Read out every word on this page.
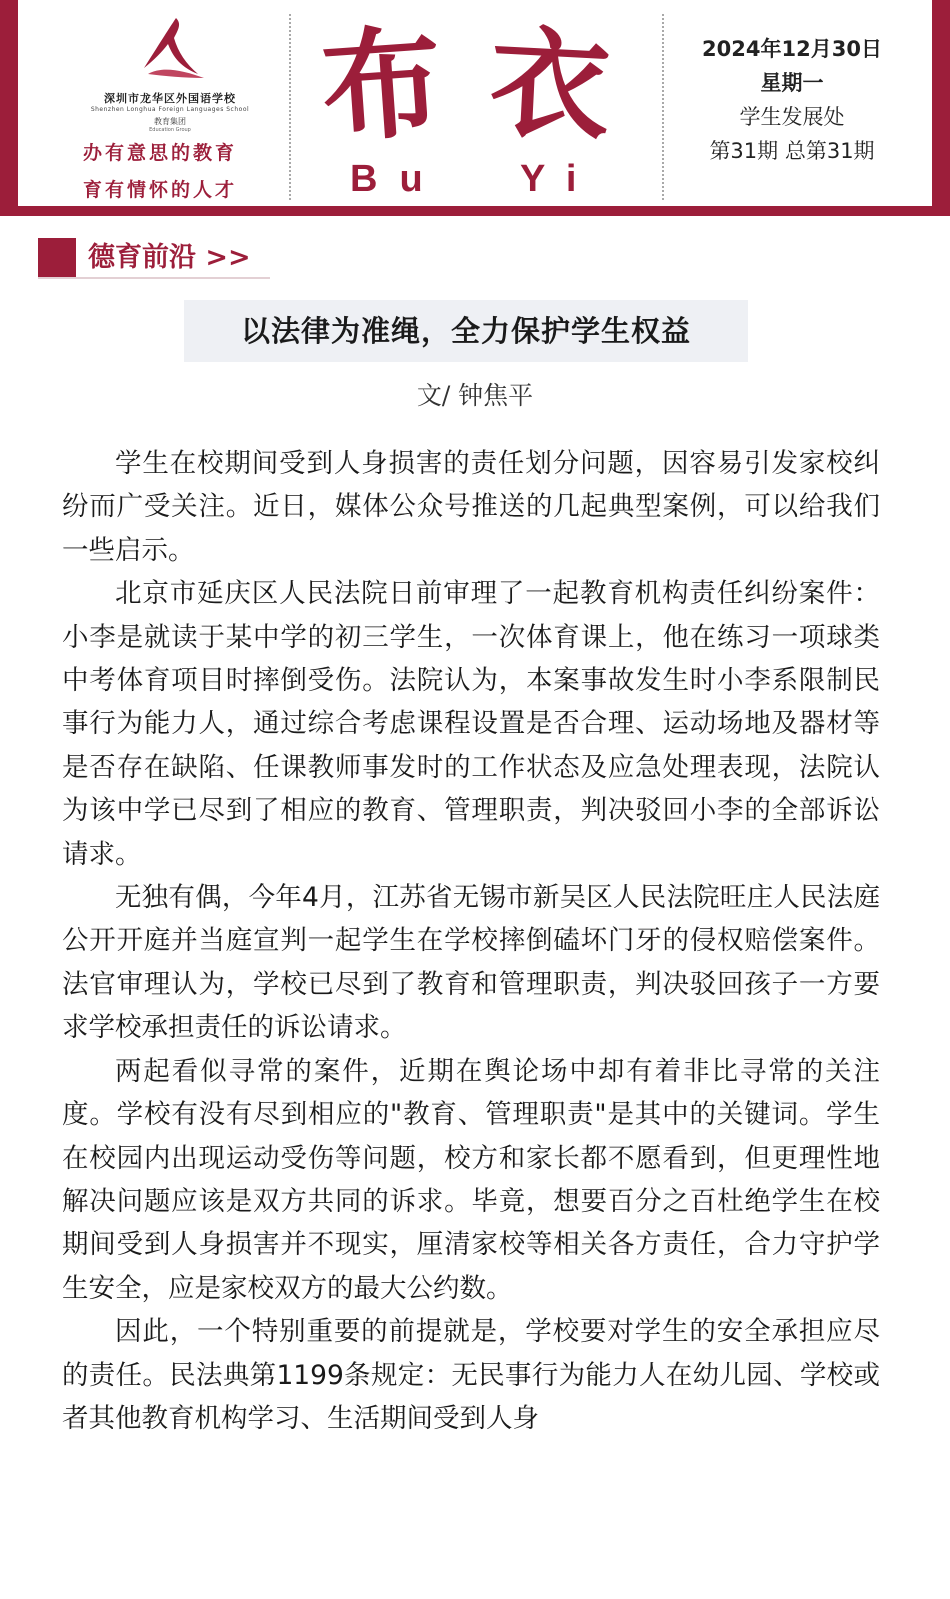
深圳市龙华区外国语学校
Shenzhen Longhua Foreign Languages School
教育集团
Education Group
办有意思的教育
育有情怀的人才
布 衣
Bu Yi
2024年12月30日
星期一
学生发展处
第31期 总第31期
德育前沿 >>
以法律为准绳，全力保护学生权益
文/ 钟焦平

学生在校期间受到人身损害的责任划分问题，因容易引发家校纠纷而广受关注。近日，媒体公众号推送的几起典型案例，可以给我们一些启示。

北京市延庆区人民法院日前审理了一起教育机构责任纠纷案件：小李是就读于某中学的初三学生，一次体育课上，他在练习一项球类中考体育项目时摔倒受伤。法院认为，本案事故发生时小李系限制民事行为能力人，通过综合考虑课程设置是否合理、运动场地及器材等是否存在缺陷、任课教师事发时的工作状态及应急处理表现，法院认为该中学已尽到了相应的教育、管理职责，判决驳回小李的全部诉讼请求。

无独有偶，今年4月，江苏省无锡市新吴区人民法院旺庄人民法庭公开开庭并当庭宣判一起学生在学校摔倒磕坏门牙的侵权赔偿案件。法官审理认为，学校已尽到了教育和管理职责，判决驳回孩子一方要求学校承担责任的诉讼请求。

两起看似寻常的案件，近期在舆论场中却有着非比寻常的关注度。学校有没有尽到相应的"教育、管理职责"是其中的关键词。学生在校园内出现运动受伤等问题，校方和家长都不愿看到，但更理性地解决问题应该是双方共同的诉求。毕竟，想要百分之百杜绝学生在校期间受到人身损害并不现实，厘清家校等相关各方责任，合力守护学生安全，应是家校双方的最大公约数。

因此，一个特别重要的前提就是，学校要对学生的安全承担应尽的责任。民法典第1199条规定：无民事行为能力人在幼儿园、学校或者其他教育机构学习、生活期间受到人身
